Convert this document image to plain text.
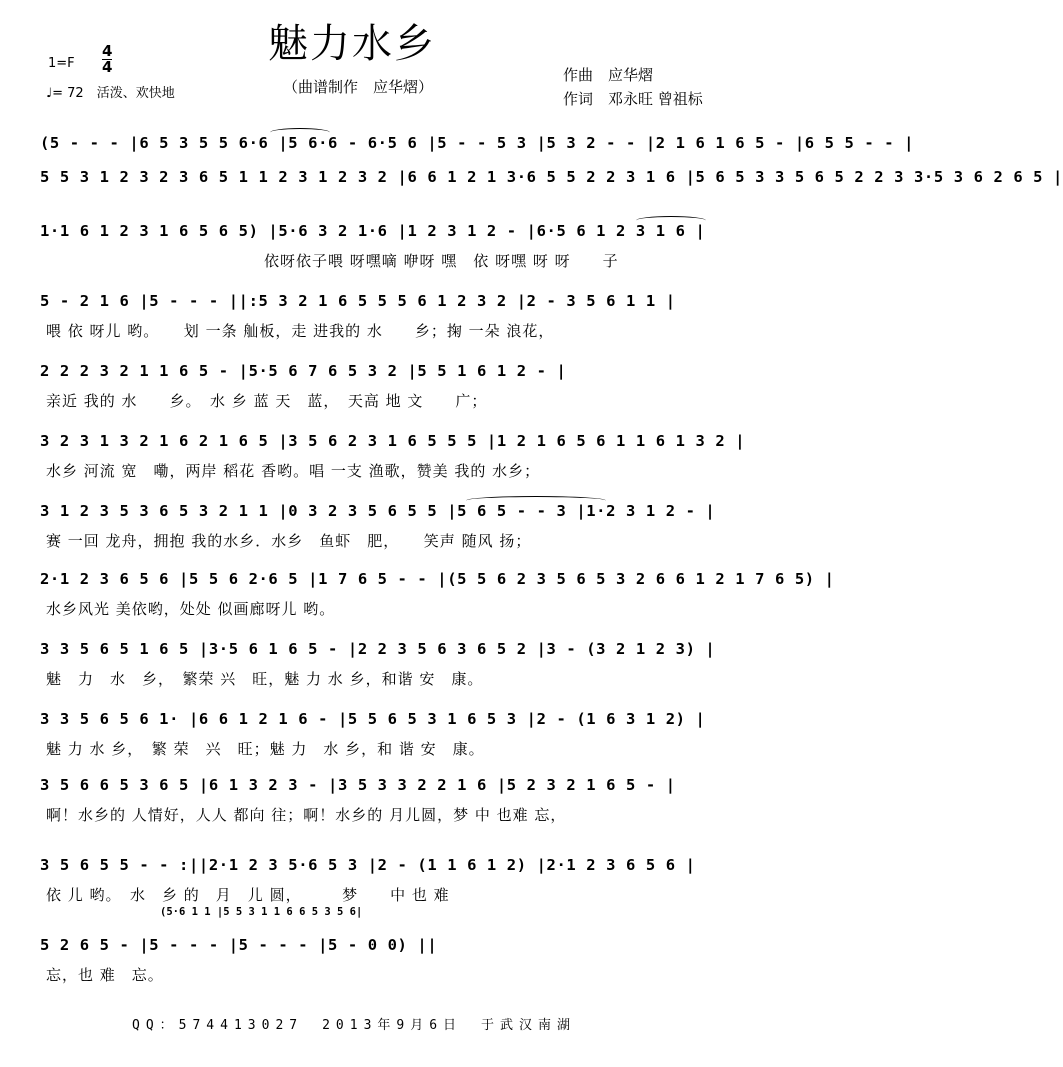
魅力水乡
（曲谱制作　应华熠）
$1=F \frac{4}{4}$
♩= 72　活泼、欢快地
作曲　应华熠
作词　邓永旺 曾祖标
(5 - - - |6 5 3 5 5 6·6 |5 6·6 - 6·5 6 |5 - - 5 3 |5 3 2 - - |2 1 6 1 6 5 - |6 5 5 - - |
5 5 3 1 2 3 2 3 6 5 1 1 2 3 1 2 3 2 |6 6 1 2 1 3·6 5 5 2 2 3 1 6 |5 6 5 3 3 5 6 5 2 2 3 3·5 3 6 2 6 5 |
1·1 6 1 2 3 1 6 5 6 5) |5·6 3 2 1·6 |1 2 3 1 2 - |6·5 6 1 2 3 1 6 |
依呀依子喂 呀嘿嘀 咿呀 嘿　依 呀嘿 呀 呀　　子
5 - 2 1 6 |5 - - - ||:5 3 2 1 6 5 5 5 6 1 2 3 2 |2 - 3 5 6 1 1 |
喂 依 呀儿 哟。　　划 一条 舢板，走 进我的 水　　乡；掬 一朵 浪花，
2 2 2 3 2 1 1 6 5 - |5·5 6 7 6 5 3 2 |5 5 1 6 1 2 - |
亲近 我的 水　　乡。　水 乡 蓝 天　蓝，　天高 地 文　　广；
3 2 3 1 3 2 1 6 2 1 6 5 |3 5 6 2 3 1 6 5 5 5 |1 2 1 6 5 6 1 1 6 1 3 2 |
水乡 河流 宽　嘞，两岸 稻花 香哟。唱 一支 渔歌，赞美 我的 水乡；
3 1 2 3 5 3 6 5 3 2 1 1 |0 3 2 3 5 6 5 5 |5 6 5 - - 3 |1·2 3 1 2 - |
赛 一回 龙舟，拥抱 我的水乡．水乡　鱼虾　肥，　　笑声 随风 扬；
2·1 2 3 6 5 6 |5 5 6 2·6 5 |1 7 6 5 - - |(5 5 6 2 3 5 6 5 3 2 6 6 1 2 1 7 6 5) |
水乡风光 美依哟，处处 似画廊呀儿 哟。
3 3 5 6 5 1 6 5 |3·5 6 1 6 5 - |2 2 3 5 6 3 6 5 2 |3 - (3 2 1 2 3) |
魅　力　水　乡，　繁荣 兴　旺，魅 力 水 乡，和谐 安　康。
3 3 5 6 5 6 1· |6 6 1 2 1 6 - |5 5 6 5 3 1 6 5 3 |2 - (1 6 3 1 2) |
魅 力 水 乡，　繁 荣　兴　旺；魅 力　水 乡，和 谐 安　康。
3 5 6 6 5 3 6 5 |6 1 3 2 3 - |3 5 3 3 2 2 1 6 |5 2 3 2 1 6 5 - |
啊！水乡的 人情好，人人 都向 往；啊！水乡的 月儿圆，梦 中 也难 忘，
3 5 6 5 5 - - :||2·1 2 3 5·6 5 3 |2 - (1 1 6 1 2) |2·1 2 3 6 5 6 |
依 儿 哟。　水　乡 的　月　儿 圆，　　　梦　　中 也 难
(5·6 1 1 |5 5 3 1 1 6 6 5 3 5 6|
5 2 6 5 - |5 - - - |5 - - - |5 - 0 0) ||
忘，也 难　忘。
QQ：574413027　2013年9月6日　于武汉南湖
